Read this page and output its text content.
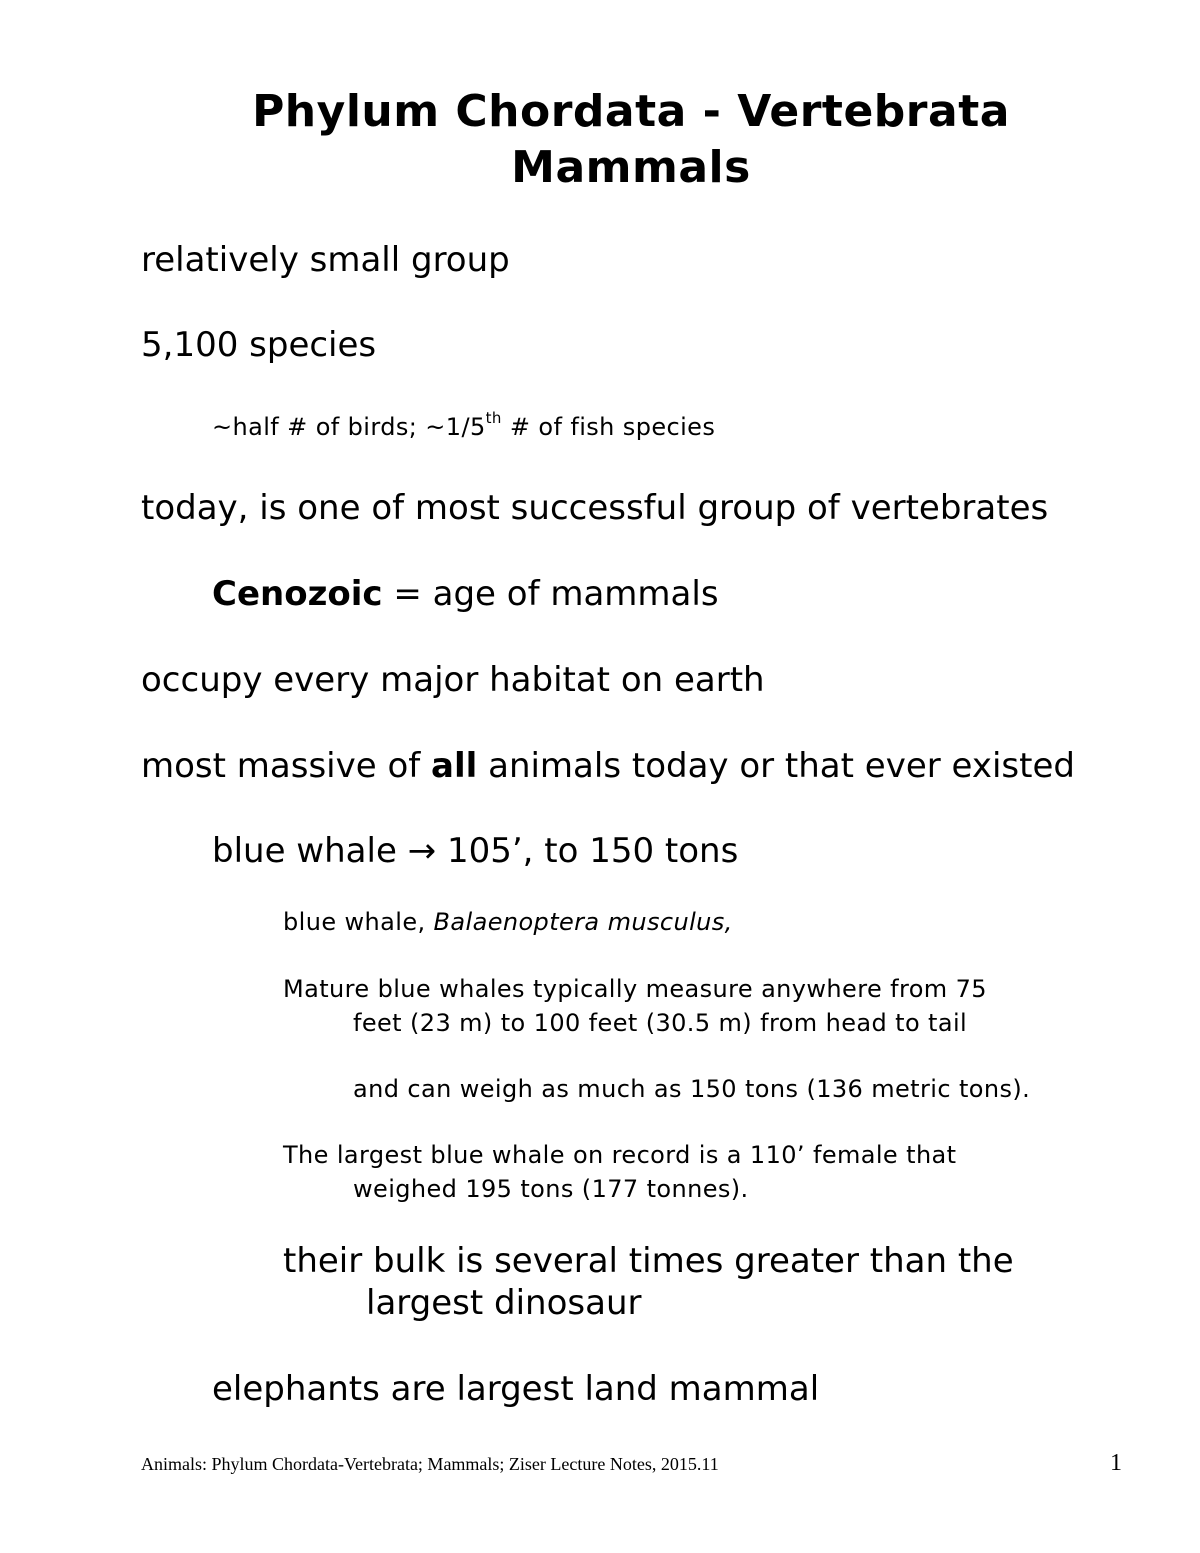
Phylum Chordata - Vertebrata
Mammals
relatively small group
5,100 species
~half # of birds; ~1/5th # of fish species
today, is one of most successful group of vertebrates
Cenozoic = age of mammals
occupy every major habitat on earth
most massive of all animals today or that ever existed
blue whale → 105’, to 150 tons
blue whale, Balaenoptera musculus,
Mature blue whales typically measure anywhere from 75
feet (23 m) to 100 feet (30.5 m) from head to tail
and can weigh as much as 150 tons (136 metric tons).
The largest blue whale on record is a 110’ female that
weighed 195 tons (177 tonnes).
their bulk is several times greater than the
largest dinosaur
elephants are largest land mammal
Animals: Phylum Chordata-Vertebrata; Mammals; Ziser Lecture Notes, 2015.11	1
